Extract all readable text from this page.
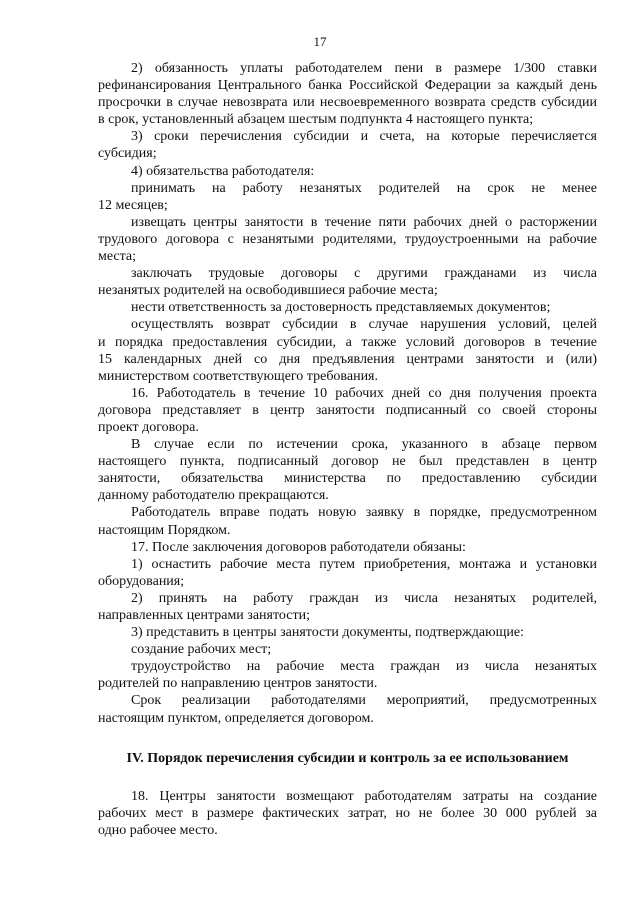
17

2) обязанность уплаты работодателем пени в размере 1/300 ставки
рефинансирования Центрального банка Российской Федерации за каждый день
просрочки в случае невозврата или несвоевременного возврата средств субсидии
в срок, установленный абзацем шестым подпункта 4 настоящего пункта;

3) сроки перечисления субсидии и счета, на которые перечисляется
субсидия;

4) обязательства работодателя:

принимать на работу незанятых родителей на срок не менее
12 месяцев;

извещать центры занятости в течение пяти рабочих дней о расторжении
трудового договора с незанятыми родителями, трудоустроенными на рабочие
места;

заключать трудовые договоры с другими гражданами из числа
незанятых родителей на освободившиеся рабочие места;

нести ответственность за достоверность представляемых документов;

осуществлять возврат субсидии в случае нарушения условий, целей
и порядка предоставления субсидии, а также условий договоров в течение
15 календарных дней со дня предъявления центрами занятости и (или)
министерством соответствующего требования.

16. Работодатель в течение 10 рабочих дней со дня получения проекта
договора представляет в центр занятости подписанный со своей стороны
проект договора.

В случае если по истечении срока, указанного в абзаце первом
настоящего пункта, подписанный договор не был представлен в центр
занятости, обязательства министерства по предоставлению субсидии
данному работодателю прекращаются.

Работодатель вправе подать новую заявку в порядке, предусмотренном
настоящим Порядком.

17. После заключения договоров работодатели обязаны:

1) оснастить рабочие места путем приобретения, монтажа и установки
оборудования;

2) принять на работу граждан из числа незанятых родителей,
направленных центрами занятости;

3) представить в центры занятости документы, подтверждающие:

создание рабочих мест;

трудоустройство на рабочие места граждан из числа незанятых
родителей по направлению центров занятости.

Срок реализации работодателями мероприятий, предусмотренных
настоящим пунктом, определяется договором.

IV. Порядок перечисления субсидии и контроль за ее использованием

18. Центры занятости возмещают работодателям затраты на создание
рабочих мест в размере фактических затрат, но не более 30 000 рублей за
одно рабочее место.
